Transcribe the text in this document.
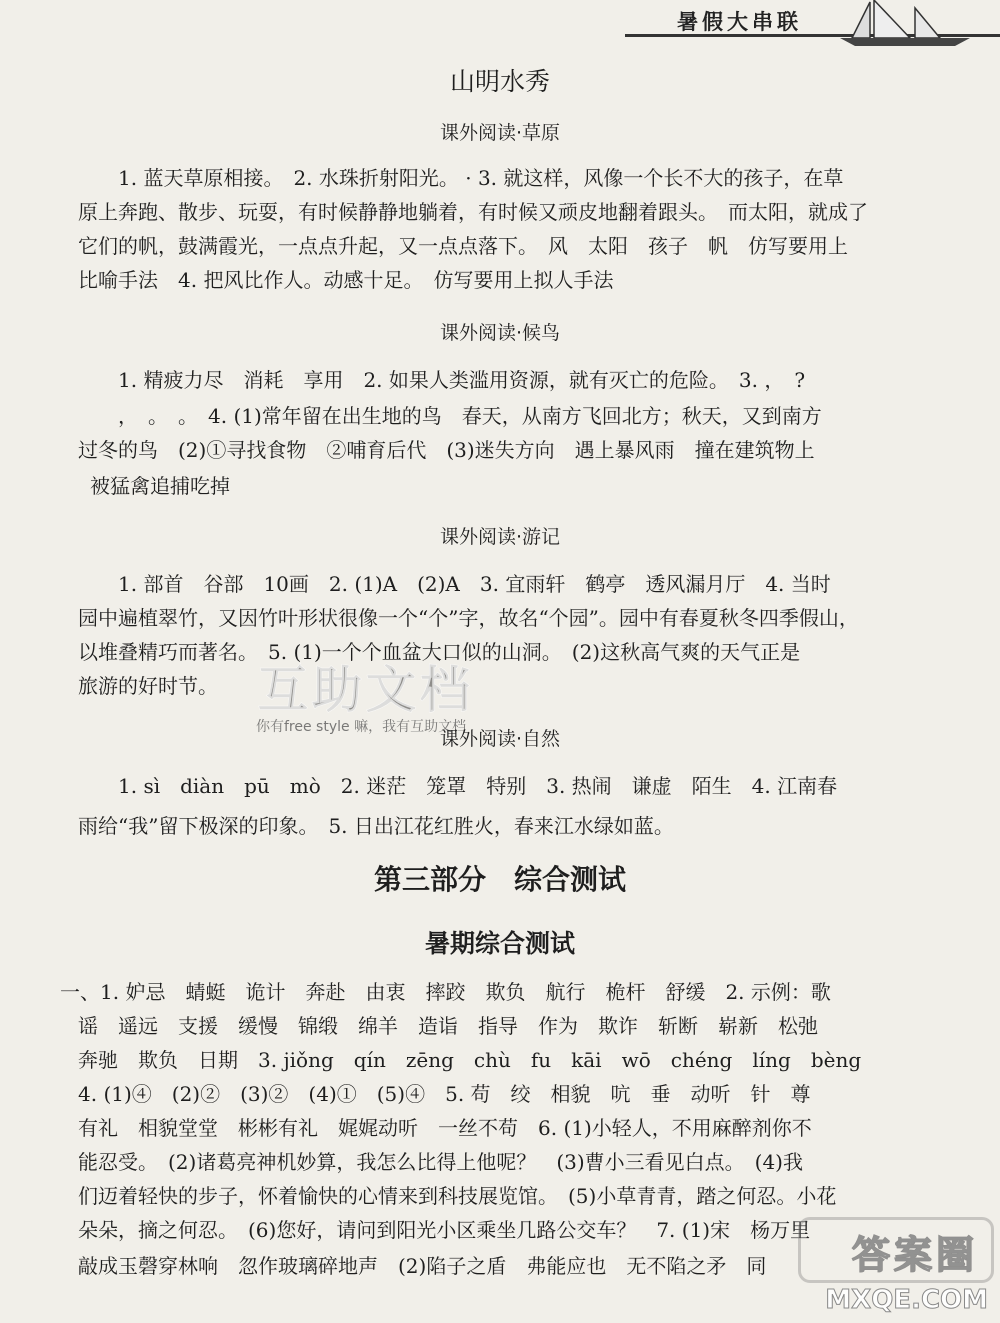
暑假大串联
山明水秀
课外阅读·草原
1. 蓝天草原相接。　2. 水珠折射阳光。 · 3. 就这样，风像一个长不大的孩子，在草
原上奔跑、散步、玩耍，有时候静静地躺着，有时候又顽皮地翻着跟头。　而太阳，就成了
它们的帆，鼓满霞光，一点点升起，又一点点落下。　风　太阳　孩子　帆　仿写要用上
比喻手法　4. 把风比作人。动感十足。　仿写要用上拟人手法
课外阅读·候鸟
1. 精疲力尽　消耗　享用　2. 如果人类滥用资源，就有灭亡的危险。　3. ，　?
，　。　。　4. (1)常年留在出生地的鸟　春天，从南方飞回北方；秋天，又到南方
过冬的鸟　(2)①寻找食物　②哺育后代　(3)迷失方向　遇上暴风雨　撞在建筑物上
被猛禽追捕吃掉
课外阅读·游记
1. 部首　谷部　10画　2. (1)A　(2)A　3. 宜雨轩　鹤亭　透风漏月厅　4. 当时
园中遍植翠竹，又因竹叶形状很像一个“个”字，故名“个园”。园中有春夏秋冬四季假山，
以堆叠精巧而著名。　5. (1)一个个血盆大口似的山洞。　(2)这秋高气爽的天气正是
旅游的好时节。 互助文档
你有free style 嘛，我有互助文档
课外阅读·自然
1. sì　diàn　pū　mò　2. 迷茫　笼罩　特别　3. 热闹　谦虚　陌生　4. 江南春
雨给“我”留下极深的印象。　5. 日出江花红胜火，春来江水绿如蓝。
第三部分　综合测试
暑期综合测试
一、1. 妒忌　蜻蜓　诡计　奔赴　由衷　摔跤　欺负　航行　桅杆　舒缓　2. 示例：歌
谣　遥远　支援　缓慢　锦缎　绵羊　造诣　指导　作为　欺诈　斩断　崭新　松弛
奔驰　欺负　日期　3. jiǒng　qín　zēng　chù　fu　kāi　wō　chéng　líng　bèng
4. (1)④　(2)②　(3)②　(4)①　(5)④　5. 苟　绞　相貌　吭　垂　动听　针　尊
有礼　相貌堂堂　彬彬有礼　娓娓动听　一丝不苟　6. (1)小轻人，不用麻醉剂你不
能忍受。　(2)诸葛亮神机妙算，我怎么比得上他呢？　(3)曹小三看见白点。　(4)我
们迈着轻快的步子，怀着愉快的心情来到科技展览馆。　(5)小草青青，踏之何忍。小花
朵朵，摘之何忍。　(6)您好，请问到阳光小区乘坐几路公交车？　7. (1)宋　杨万里
敲成玉磬穿林响　忽作玻璃碎地声　(2)陷子之盾　弗能应也　无不陷之矛　同	答案圈
MXQE.COM
